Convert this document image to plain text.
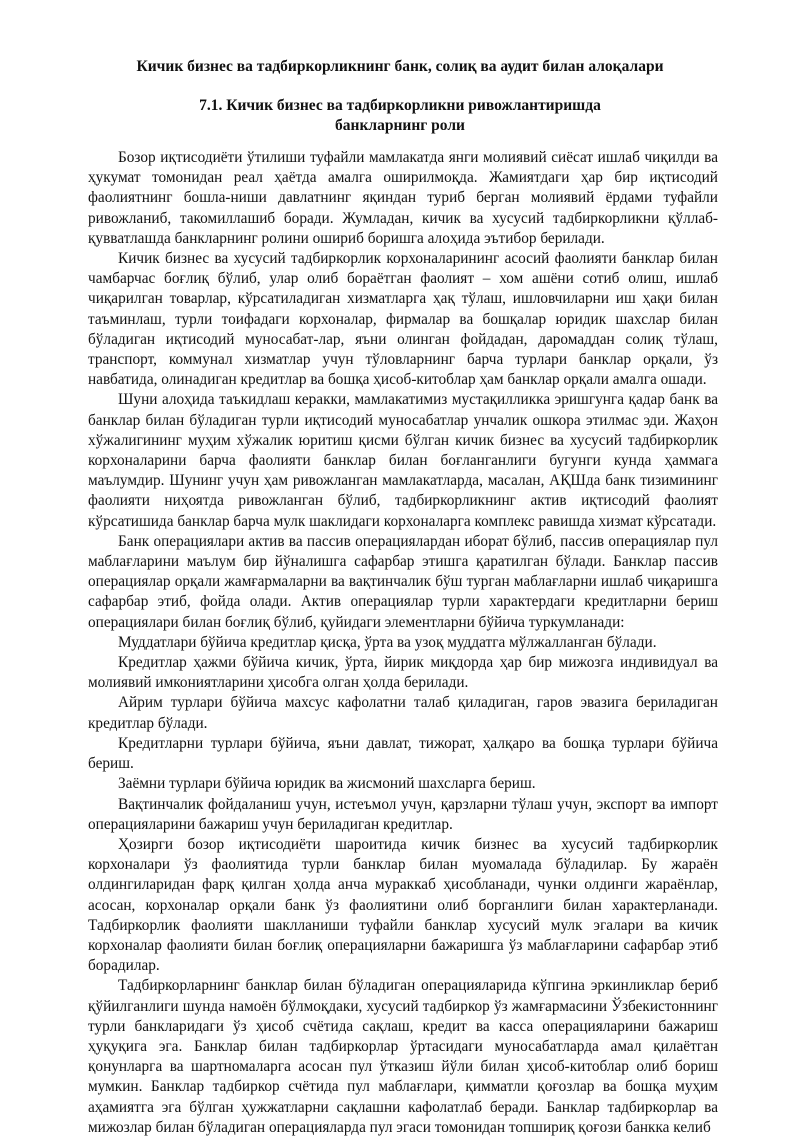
Кичик бизнес ва тадбиркорликнинг банк, солиқ ва аудит билан алоқалари
7.1. Кичик бизнес ва тадбиркорликни ривожлантиришда
банкларнинг роли

Бозор иқтисодиёти ўтилиши туфайли мамлакатда янги молиявий сиёсат ишлаб чиқилди ва ҳукумат томонидан реал ҳаётда амалга оширилмоқда. Жамиятдаги ҳар бир иқтисодий фаолиятнинг бошла-ниши давлатнинг яқиндан туриб берган молиявий ёрдами туфайли ривожланиб, такомиллашиб боради. Жумладан, кичик ва хусусий тадбиркорликни қўллаб-қувватлашда банкларнинг ролини ошириб боришга алоҳида эътибор берилади.

Кичик бизнес ва хусусий тадбиркорлик корхоналарининг асосий фаолияти банклар билан чамбарчас боғлиқ бўлиб, улар олиб бораётган фаолият – хом ашёни сотиб олиш, ишлаб чиқарилган товарлар, кўрсатиладиган хизматларга ҳақ тўлаш, ишловчиларни иш ҳақи билан таъминлаш, турли тоифадаги корхоналар, фирмалар ва бошқалар юридик шахслар билан бўладиган иқтисодий муносабат-лар, яъни олинган фойдадан, даромаддан солиқ тўлаш, транспорт, коммунал хизматлар учун тўловларнинг барча турлари банклар орқали, ўз навбатида, олинадиган кредитлар ва бошқа ҳисоб-китоблар ҳам банклар орқали амалга ошади.

Шуни алоҳида таъкидлаш керакки, мамлакатимиз мустақилликка эришгунга қадар банк ва банклар билан бўладиган турли иқтисодий муносабатлар унчалик ошкора этилмас эди. Жаҳон хўжалигининг муҳим хўжалик юритиш қисми бўлган кичик бизнес ва хусусий тадбиркорлик корхоналарини барча фаолияти банклар билан боғланганлиги бугунги кунда ҳаммага маълумдир. Шунинг учун ҳам ривожланган мамлакатларда, масалан, АҚШда банк тизимининг фаолияти ниҳоятда ривожланган бўлиб, тадбиркорликнинг актив иқтисодий фаолият кўрсатишида банклар барча мулк шаклидаги корхоналарга комплекс равишда хизмат кўрсатади.

Банк операциялари актив ва пассив операциялардан иборат бўлиб, пассив операциялар пул маблағларини маълум бир йўналишга сафарбар этишга қаратилган бўлади. Банклар пассив операциялар орқали жамғармаларни ва вақтинчалик бўш турган маблағларни ишлаб чиқаришга сафарбар этиб, фойда олади. Актив операциялар турли характердаги кредитларни бериш операциялари билан боғлиқ бўлиб, қуйидаги элементларни бўйича туркумланади:

Муддатлари бўйича кредитлар қисқа, ўрта ва узоқ муддатга мўлжалланган бўлади.

Кредитлар ҳажми бўйича кичик, ўрта, йирик миқдорда ҳар бир мижозга индивидуал ва молиявий имкониятларини ҳисобга олган ҳолда берилади.

Айрим турлари бўйича махсус кафолатни талаб қиладиган, гаров эвазига бериладиган кредитлар бўлади.

Кредитларни турлари бўйича, яъни давлат, тижорат, ҳалқаро ва бошқа турлари бўйича бериш.

Заёмни турлари бўйича юридик ва жисмоний шахсларга бериш.

Вақтинчалик фойдаланиш учун, истеъмол учун, қарзларни тўлаш учун, экспорт ва импорт операцияларини бажариш учун бериладиган кредитлар.

Ҳозирги бозор иқтисодиёти шароитида кичик бизнес ва хусусий тадбиркорлик корхоналари ўз фаолиятида турли банклар билан муомалада бўладилар. Бу жараён олдингиларидан фарқ қилган ҳолда анча мураккаб ҳисобланади, чунки олдинги жараёнлар, асосан, корхоналар орқали банк ўз фаолиятини олиб борганлиги билан характерланади. Тадбиркорлик фаолияти шаклланиши туфайли банклар хусусий мулк эгалари ва кичик корхоналар фаолияти билан боғлиқ операцияларни бажаришга ўз маблағларини сафарбар этиб борадилар.

Тадбиркорларнинг банклар билан бўладиган операцияларида кўпгина эркинликлар бериб қўйилганлиги шунда намоён бўлмоқдаки, хусусий тадбиркор ўз жамғармасини Ўзбекистоннинг турли банкларидаги ўз ҳисоб счётида сақлаш, кредит ва касса операцияларини бажариш ҳуқуқига эга. Банклар билан тадбиркорлар ўртасидаги муносабатларда амал қилаётган қонунларга ва шартномаларга асосан пул ўтказиш йўли билан ҳисоб-китоблар олиб бориш мумкин. Банклар тадбиркор счётида пул маблағлари, қимматли қоғозлар ва бошқа муҳим аҳамиятга эга бўлган ҳужжатларни сақлашни кафолатлаб беради. Банклар тадбиркорлар ва мижозлар билан бўладиган операцияларда пул эгаси томонидан топшириқ қоғози банкка келиб
